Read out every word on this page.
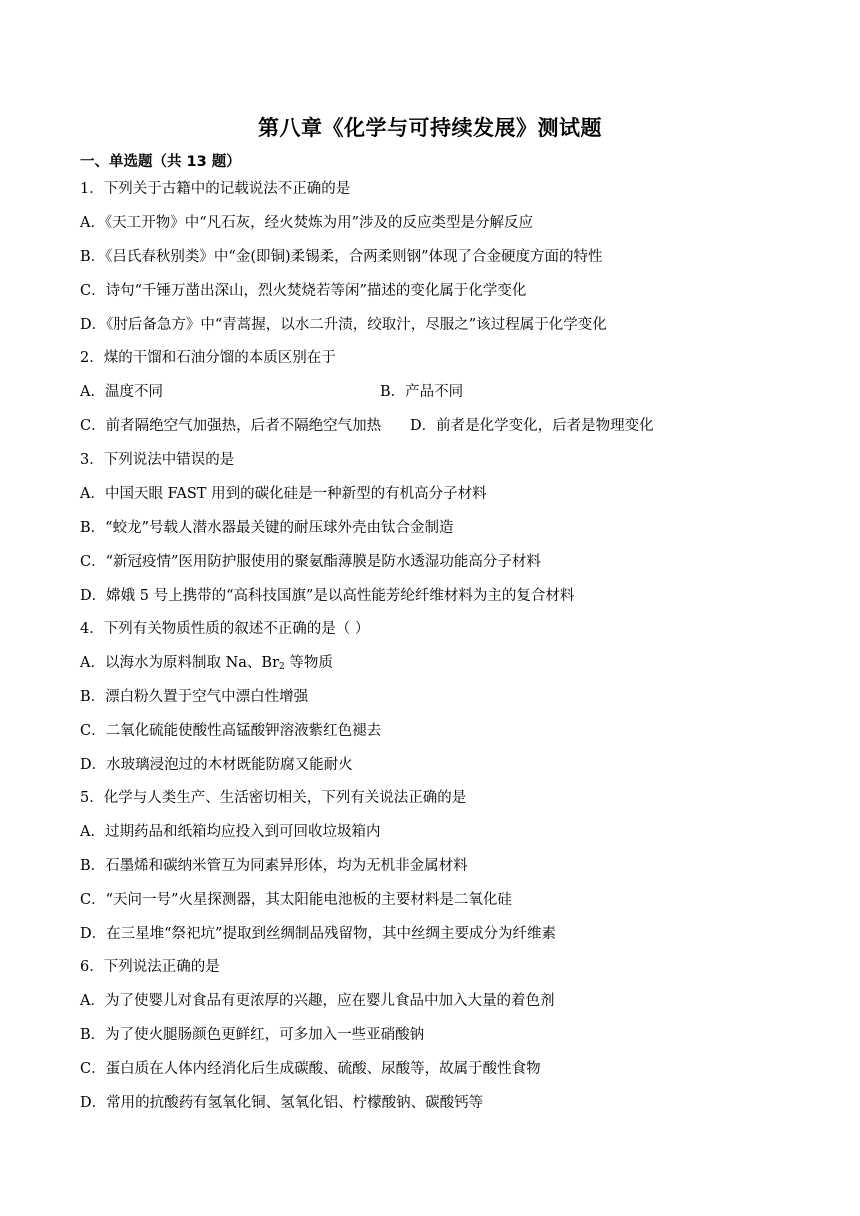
第八章《化学与可持续发展》测试题
一、单选题（共 13 题）
1．下列关于古籍中的记载说法不正确的是
A．《天工开物》中“凡石灰，经火焚炼为用”涉及的反应类型是分解反应
B．《吕氏春秋别类》中“金(即铜)柔锡柔，合两柔则钢”体现了合金硬度方面的特性
C．诗句“千锤万凿出深山，烈火焚烧若等闲”描述的变化属于化学变化
D．《肘后备急方》中“青蒿握，以水二升渍，绞取汁，尽服之”该过程属于化学变化
2．煤的干馏和石油分馏的本质区别在于
A．温度不同	B．产品不同
C．前者隔绝空气加强热，后者不隔绝空气加热 D．前者是化学变化，后者是物理变化
3．下列说法中错误的是
A．中国天眼 FAST 用到的碳化硅是一种新型的有机高分子材料
B．“蛟龙”号载人潜水器最关键的耐压球外壳由钛合金制造
C．“新冠疫情”医用防护服使用的聚氨酯薄膜是防水透湿功能高分子材料
D．嫦娥 5 号上携带的“高科技国旗”是以高性能芳纶纤维材料为主的复合材料
4．下列有关物质性质的叙述不正确的是（ ）
A．以海水为原料制取 Na、$Br_2$ 等物质
B．漂白粉久置于空气中漂白性增强
C．二氧化硫能使酸性高锰酸钾溶液紫红色褪去
D．水玻璃浸泡过的木材既能防腐又能耐火
5．化学与人类生产、生活密切相关，下列有关说法正确的是
A．过期药品和纸箱均应投入到可回收垃圾箱内
B．石墨烯和碳纳米管互为同素异形体，均为无机非金属材料
C．“天问一号”火星探测器，其太阳能电池板的主要材料是二氧化硅
D．在三星堆“祭祀坑”提取到丝绸制品残留物，其中丝绸主要成分为纤维素
6．下列说法正确的是
A．为了使婴儿对食品有更浓厚的兴趣，应在婴儿食品中加入大量的着色剂
B．为了使火腿肠颜色更鲜红，可多加入一些亚硝酸钠
C．蛋白质在人体内经消化后生成碳酸、硫酸、尿酸等，故属于酸性食物
D．常用的抗酸药有氢氧化铜、氢氧化铝、柠檬酸钠、碳酸钙等
